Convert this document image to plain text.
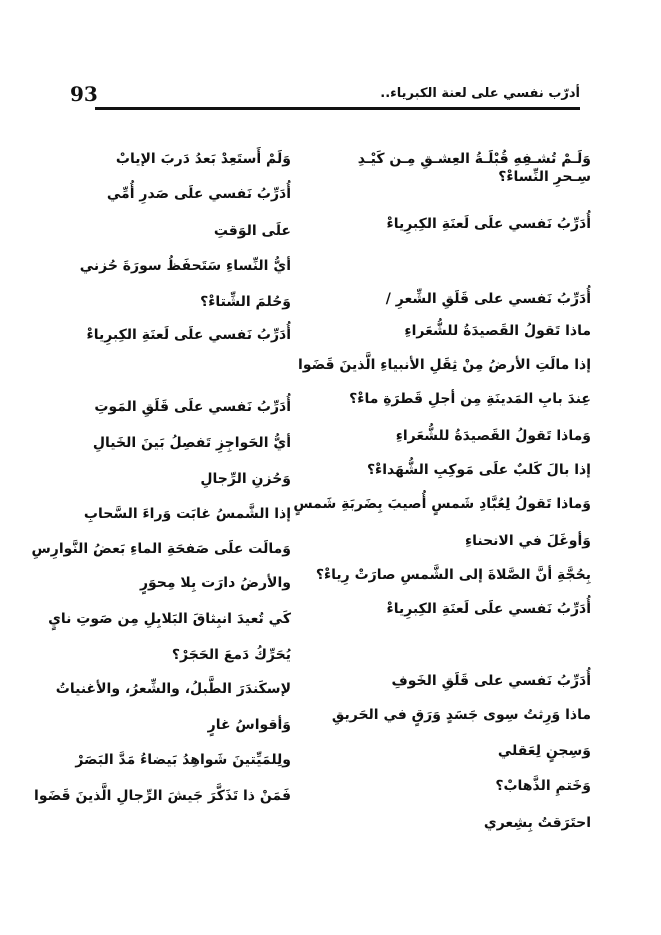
93	أدرّب نفسي على لعنة الكبرياء..
وَلَـمْ تُشـفِهِ قُبْلَـةُ العِشـقِ مِـن كَيْـدِ سِـحرِ النِّساءْ؟
أُدَرِّبُ نَفسي علَى لَعنَةِ الكِبرِياءْ
أُدَرِّبُ نَفسي على قَلَقِ الشِّعرِ /
ماذا تَقولُ القَصيدَةُ للشُّعَراءِ
إذا مالَتِ الأرضُ مِنْ ثِقَلِ الأنبياءِ الَّذينَ قَضَوا
عِندَ بابِ المَدينَةِ مِن أجلِ قَطرَةِ ماءْ؟
وَماذا تَقولُ القَصيدَةُ للشُّعَراءِ
إذا بالَ كَلبٌ علَى مَوكِبِ الشُّهَداءْ؟
وَماذا تَقولُ لِعُبَّادِ شَمسٍ أُصيبَ بِضَربَةِ شَمسٍ
وَأوغَلَ في الانحناءِ
بِحُجَّةِ أنَّ الصَّلاةَ إلى الشَّمسِ صارَتْ رِياءْ؟
أُدَرِّبُ نَفسي علَى لَعنَةِ الكِبرِياءْ
أُدَرِّبُ نَفسي على قَلَقِ الخَوفِ
ماذا وَرِثتُ سِوى جَسَدٍ وَرَقٍ في الحَريقِ
وَسِجنٍ لِعَقلي
وَخَتمِ الذَّهابْ؟
احتَرَقتُ بِشِعري
وَلَمْ أَستَعِدْ بَعدُ دَربَ الإيابْ
أُدَرِّبُ نَفسي علَى صَدرِ أُمِّي
علَى الوَقتِ
أيُّ النِّساءِ سَتَحفَظُ سورَةَ حُزني
وَحُلمَ الشِّتاءْ؟
أُدَرِّبُ نَفسي علَى لَعنَةِ الكِبرِياءْ
أُدَرِّبُ نَفسي علَى قَلَقِ المَوتِ
أيُّ الحَواجِزِ تَفصِلُ بَينَ الخَيالِ
وَحُزنِ الرِّجالِ
إذا الشَّمسُ غابَت وَراءَ السَّحابِ
وَمالَت علَى صَفحَةِ الماءِ بَعضُ النَّوارِسِ
والأرضُ دارَت بِلا مِحوَرٍ
كَي تُعيدَ انبِثاقَ البَلابِلِ مِن صَوتِ نايٍ
يُحَرِّكُ دَمعَ الحَجَرْ؟
لإسكَندَرَ الطَّبلُ، والشِّعرُ، والأغنياتُ
وَأقواسُ غارٍ
ولِلمَيِّتينَ شَواهِدُ بَيضاءُ مَدَّ البَصَرْ
فَمَنْ ذا تَذَكَّرَ جَيشَ الرِّجالِ الَّذينَ قَضَوا
